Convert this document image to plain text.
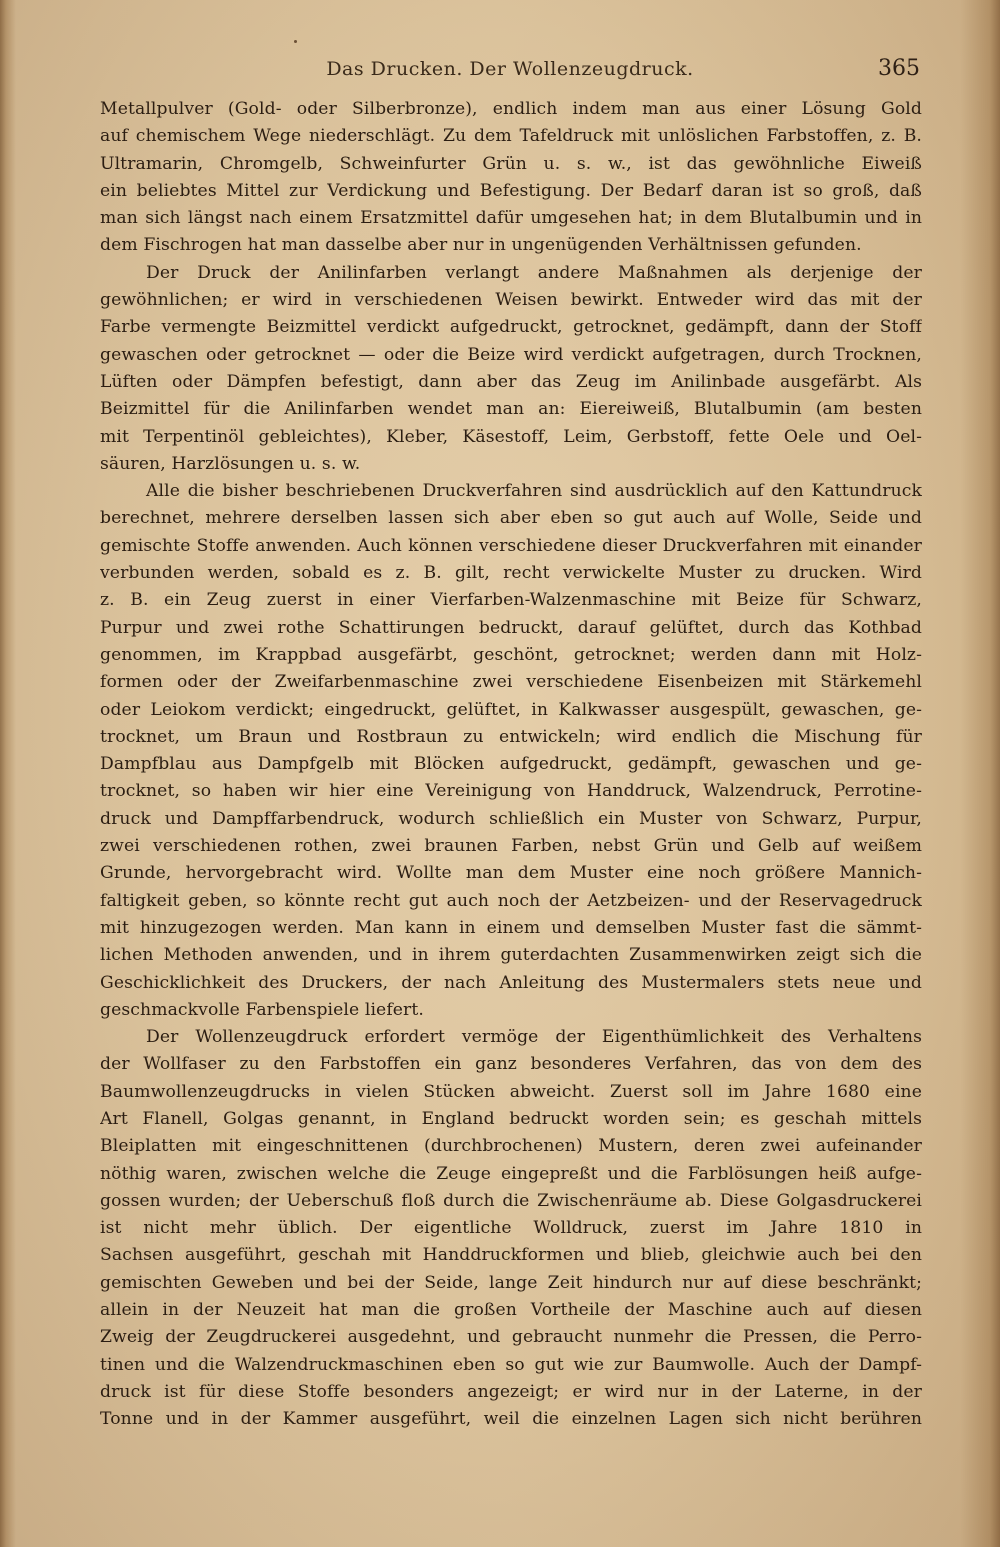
Das Drucken. Der Wollenzeugdruck.	365
Metallpulver (Gold- oder Silberbronze), endlich indem man aus einer Lösung Gold
auf chemischem Wege niederschlägt. Zu dem Tafeldruck mit unlöslichen Farbstoffen, z. B.
Ultramarin, Chromgelb, Schweinfurter Grün u. s. w., ist das gewöhnliche Eiweiß
ein beliebtes Mittel zur Verdickung und Befestigung. Der Bedarf daran ist so groß, daß
man sich längst nach einem Ersatzmittel dafür umgesehen hat; in dem Blutalbumin und in
dem Fischrogen hat man dasselbe aber nur in ungenügenden Verhältnissen gefunden.
Der Druck der Anilinfarben verlangt andere Maßnahmen als derjenige der
gewöhnlichen; er wird in verschiedenen Weisen bewirkt. Entweder wird das mit der
Farbe vermengte Beizmittel verdickt aufgedruckt, getrocknet, gedämpft, dann der Stoff
gewaschen oder getrocknet — oder die Beize wird verdickt aufgetragen, durch Trocknen,
Lüften oder Dämpfen befestigt, dann aber das Zeug im Anilinbade ausgefärbt. Als
Beizmittel für die Anilinfarben wendet man an: Eiereiweiß, Blutalbumin (am besten
mit Terpentinöl gebleichtes), Kleber, Käsestoff, Leim, Gerbstoff, fette Oele und Oel-
säuren, Harzlösungen u. s. w.
Alle die bisher beschriebenen Druckverfahren sind ausdrücklich auf den Kattundruck
berechnet, mehrere derselben lassen sich aber eben so gut auch auf Wolle, Seide und
gemischte Stoffe anwenden. Auch können verschiedene dieser Druckverfahren mit einander
verbunden werden, sobald es z. B. gilt, recht verwickelte Muster zu drucken. Wird
z. B. ein Zeug zuerst in einer Vierfarben-Walzenmaschine mit Beize für Schwarz,
Purpur und zwei rothe Schattirungen bedruckt, darauf gelüftet, durch das Kothbad
genommen, im Krappbad ausgefärbt, geschönt, getrocknet; werden dann mit Holz-
formen oder der Zweifarbenmaschine zwei verschiedene Eisenbeizen mit Stärkemehl
oder Leiokom verdickt; eingedruckt, gelüftet, in Kalkwasser ausgespült, gewaschen, ge-
trocknet, um Braun und Rostbraun zu entwickeln; wird endlich die Mischung für
Dampfblau aus Dampfgelb mit Blöcken aufgedruckt, gedämpft, gewaschen und ge-
trocknet, so haben wir hier eine Vereinigung von Handdruck, Walzendruck, Perrotine-
druck und Dampffarbendruck, wodurch schließlich ein Muster von Schwarz, Purpur,
zwei verschiedenen rothen, zwei braunen Farben, nebst Grün und Gelb auf weißem
Grunde, hervorgebracht wird. Wollte man dem Muster eine noch größere Mannich-
faltigkeit geben, so könnte recht gut auch noch der Aetzbeizen- und der Reservagedruck
mit hinzugezogen werden. Man kann in einem und demselben Muster fast die sämmt-
lichen Methoden anwenden, und in ihrem guterdachten Zusammenwirken zeigt sich die
Geschicklichkeit des Druckers, der nach Anleitung des Mustermalers stets neue und
geschmackvolle Farbenspiele liefert.
Der Wollenzeugdruck erfordert vermöge der Eigenthümlichkeit des Verhaltens
der Wollfaser zu den Farbstoffen ein ganz besonderes Verfahren, das von dem des
Baumwollenzeugdrucks in vielen Stücken abweicht. Zuerst soll im Jahre 1680 eine
Art Flanell, Golgas genannt, in England bedruckt worden sein; es geschah mittels
Bleiplatten mit eingeschnittenen (durchbrochenen) Mustern, deren zwei aufeinander
nöthig waren, zwischen welche die Zeuge eingepreßt und die Farblösungen heiß aufge-
gossen wurden; der Ueberschuß floß durch die Zwischenräume ab. Diese Golgasdruckerei
ist nicht mehr üblich. Der eigentliche Wolldruck, zuerst im Jahre 1810 in
Sachsen ausgeführt, geschah mit Handdruckformen und blieb, gleichwie auch bei den
gemischten Geweben und bei der Seide, lange Zeit hindurch nur auf diese beschränkt;
allein in der Neuzeit hat man die großen Vortheile der Maschine auch auf diesen
Zweig der Zeugdruckerei ausgedehnt, und gebraucht nunmehr die Pressen, die Perro-
tinen und die Walzendruckmaschinen eben so gut wie zur Baumwolle. Auch der Dampf-
druck ist für diese Stoffe besonders angezeigt; er wird nur in der Laterne, in der
Tonne und in der Kammer ausgeführt, weil die einzelnen Lagen sich nicht berühren
